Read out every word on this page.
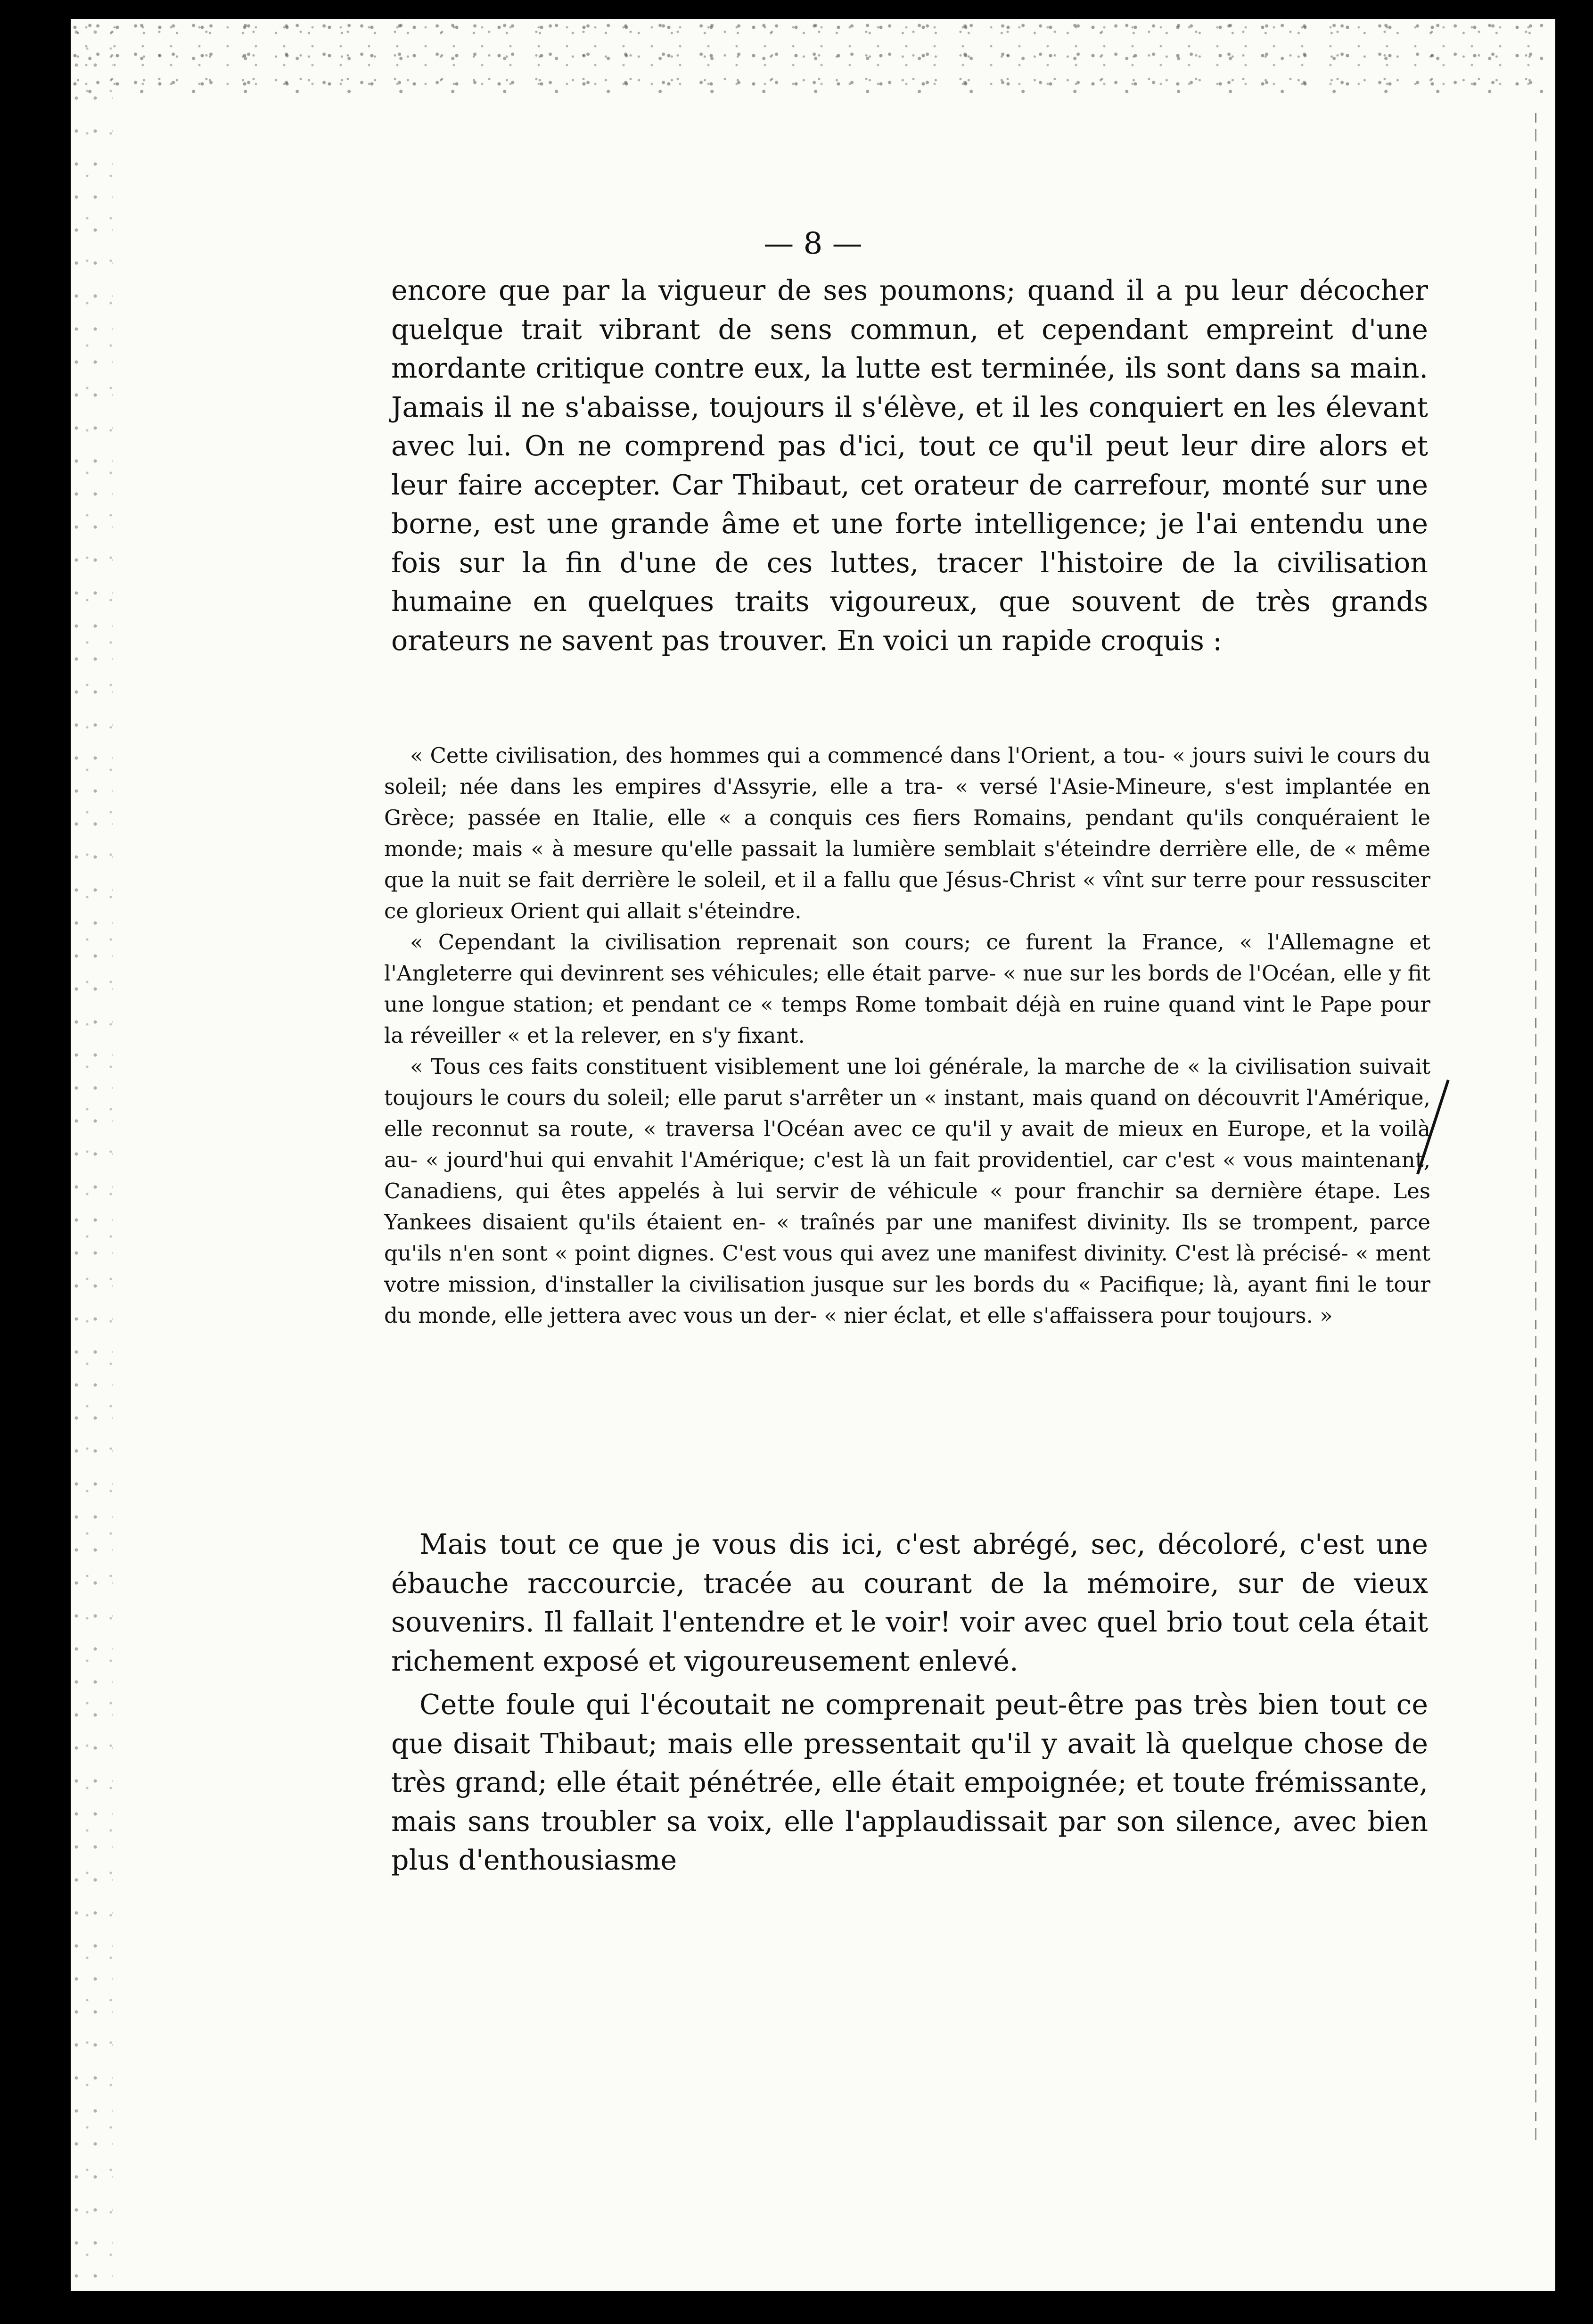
— 8 —

encore que par la vigueur de ses poumons; quand il a pu leur décocher quelque trait vibrant de sens commun, et cependant empreint d'une mordante critique contre eux, la lutte est terminée, ils sont dans sa main. Jamais il ne s'abaisse, toujours il s'élève, et il les conquiert en les élevant avec lui. On ne comprend pas d'ici, tout ce qu'il peut leur dire alors et leur faire accepter. Car Thibaut, cet orateur de carrefour, monté sur une borne, est une grande âme et une forte intelligence; je l'ai entendu une fois sur la fin d'une de ces luttes, tracer l'histoire de la civilisation humaine en quelques traits vigoureux, que souvent de très grands orateurs ne savent pas trouver. En voici un rapide croquis :

« Cette civilisation, des hommes qui a commencé dans l'Orient, a tou- « jours suivi le cours du soleil; née dans les empires d'Assyrie, elle a tra- « versé l'Asie-Mineure, s'est implantée en Grèce; passée en Italie, elle « a conquis ces fiers Romains, pendant qu'ils conquéraient le monde; mais « à mesure qu'elle passait la lumière semblait s'éteindre derrière elle, de « même que la nuit se fait derrière le soleil, et il a fallu que Jésus-Christ « vînt sur terre pour ressusciter ce glorieux Orient qui allait s'éteindre.

« Cependant la civilisation reprenait son cours; ce furent la France, « l'Allemagne et l'Angleterre qui devinrent ses véhicules; elle était parve- « nue sur les bords de l'Océan, elle y fit une longue station; et pendant ce « temps Rome tombait déjà en ruine quand vint le Pape pour la réveiller « et la relever, en s'y fixant.

« Tous ces faits constituent visiblement une loi générale, la marche de « la civilisation suivait toujours le cours du soleil; elle parut s'arrêter un « instant, mais quand on découvrit l'Amérique, elle reconnut sa route, « traversa l'Océan avec ce qu'il y avait de mieux en Europe, et la voilà au- « jourd'hui qui envahit l'Amérique; c'est là un fait providentiel, car c'est « vous maintenant, Canadiens, qui êtes appelés à lui servir de véhicule « pour franchir sa dernière étape. Les Yankees disaient qu'ils étaient en- « traînés par une manifest divinity. Ils se trompent, parce qu'ils n'en sont « point dignes. C'est vous qui avez une manifest divinity. C'est là précisé- « ment votre mission, d'installer la civilisation jusque sur les bords du « Pacifique; là, ayant fini le tour du monde, elle jettera avec vous un der- « nier éclat, et elle s'affaissera pour toujours. »

Mais tout ce que je vous dis ici, c'est abrégé, sec, décoloré, c'est une ébauche raccourcie, tracée au courant de la mémoire, sur de vieux souvenirs. Il fallait l'entendre et le voir! voir avec quel brio tout cela était richement exposé et vigoureusement enlevé.

Cette foule qui l'écoutait ne comprenait peut-être pas très bien tout ce que disait Thibaut; mais elle pressentait qu'il y avait là quelque chose de très grand; elle était pénétrée, elle était empoignée; et toute frémissante, mais sans troubler sa voix, elle l'applaudissait par son silence, avec bien plus d'enthousiasme
